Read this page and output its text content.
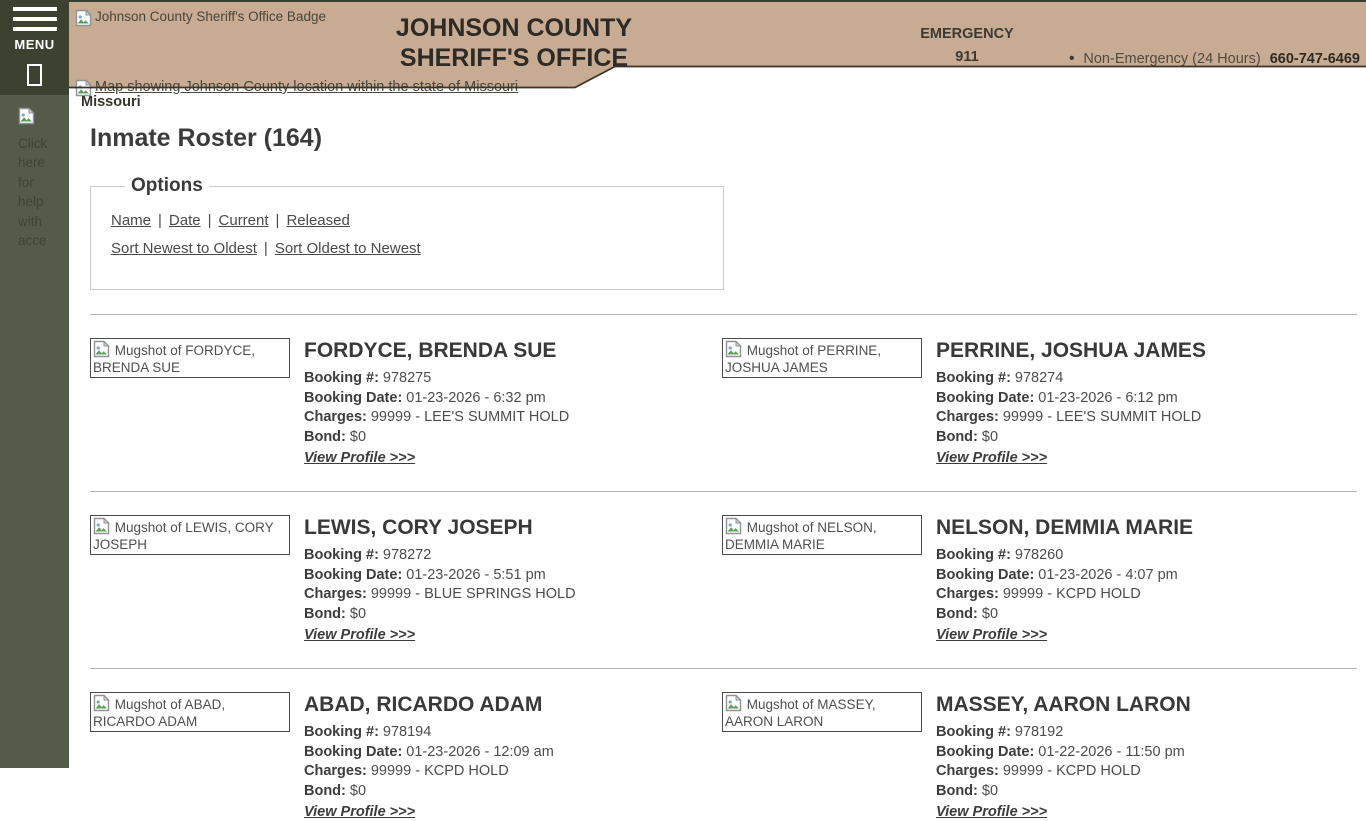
MENU
Click here for help with acce
Johnson County Sheriff's Office Badge	JOHNSON COUNTY
SHERIFF'S OFFICE
EMERGENCY
911	• Non-Emergency (24 Hours) 660-747-6469
Map showing Johnson County location within the state of Missouri
Missouri
Inmate Roster (164)
Options
Name | Date | Current | Released
Sort Newest to Oldest | Sort Oldest to Newest
Mugshot of FORDYCE, BRENDA SUE
FORDYCE, BRENDA SUE
Booking #: 978275
Booking Date: 01-23-2026 - 6:32 pm
Charges: 99999 - LEE'S SUMMIT HOLD
Bond: $0
View Profile >>>
Mugshot of PERRINE, JOSHUA JAMES
PERRINE, JOSHUA JAMES
Booking #: 978274
Booking Date: 01-23-2026 - 6:12 pm
Charges: 99999 - LEE'S SUMMIT HOLD
Bond: $0
View Profile >>>
Mugshot of LEWIS, CORY JOSEPH
LEWIS, CORY JOSEPH
Booking #: 978272
Booking Date: 01-23-2026 - 5:51 pm
Charges: 99999 - BLUE SPRINGS HOLD
Bond: $0
View Profile >>>
Mugshot of NELSON, DEMMIA MARIE
NELSON, DEMMIA MARIE
Booking #: 978260
Booking Date: 01-23-2026 - 4:07 pm
Charges: 99999 - KCPD HOLD
Bond: $0
View Profile >>>
Mugshot of ABAD, RICARDO ADAM
ABAD, RICARDO ADAM
Booking #: 978194
Booking Date: 01-23-2026 - 12:09 am
Charges: 99999 - KCPD HOLD
Bond: $0
View Profile >>>
Mugshot of MASSEY, AARON LARON
MASSEY, AARON LARON
Booking #: 978192
Booking Date: 01-22-2026 - 11:50 pm
Charges: 99999 - KCPD HOLD
Bond: $0
View Profile >>>
